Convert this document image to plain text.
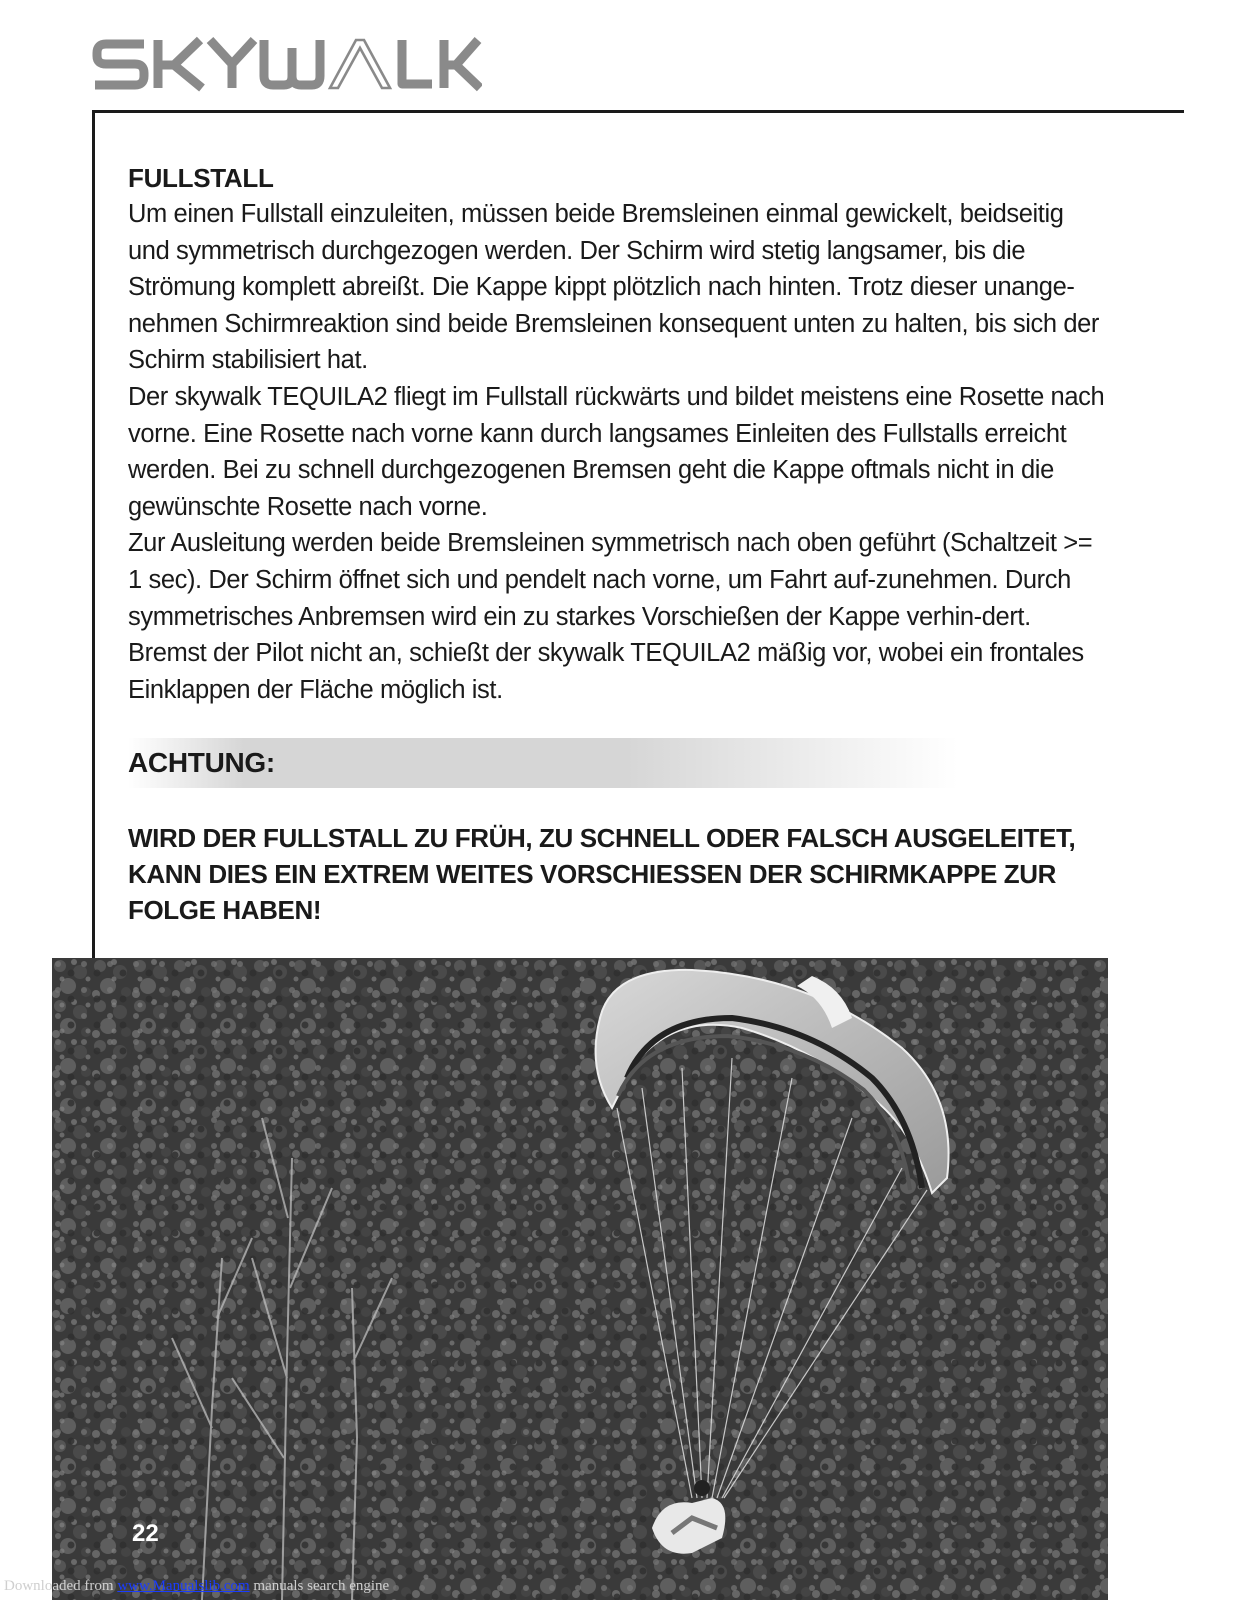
FULLSTALL

Um einen Fullstall einzuleiten, müssen beide Bremsleinen einmal gewickelt, beidseitig und symmetrisch durchgezogen werden. Der Schirm wird stetig langsamer, bis die Strömung komplett abreißt. Die Kappe kippt plötzlich nach hinten. Trotz dieser unange-nehmen Schirmreaktion sind beide Bremsleinen konsequent unten zu halten, bis sich der Schirm stabilisiert hat.

Der skywalk TEQUILA2 fliegt im Fullstall rückwärts und bildet meistens eine Rosette nach vorne. Eine Rosette nach vorne kann durch langsames Einleiten des Fullstalls erreicht werden. Bei zu schnell durchgezogenen Bremsen geht die Kappe oftmals nicht in die gewünschte Rosette nach vorne.

Zur Ausleitung werden beide Bremsleinen symmetrisch nach oben geführt (Schaltzeit >= 1 sec). Der Schirm öffnet sich und pendelt nach vorne, um Fahrt auf-zunehmen. Durch symmetrisches Anbremsen wird ein zu starkes Vorschießen der Kappe verhin-dert. Bremst der Pilot nicht an, schießt der skywalk TEQUILA2 mäßig vor, wobei ein frontales Einklappen der Fläche möglich ist.

ACHTUNG:

WIRD DER FULLSTALL ZU FRÜH, ZU SCHNELL ODER FALSCH AUSGELEITET, KANN DIES EIN EXTREM WEITES VORSCHIESSEN DER SCHIRMKAPPE ZUR FOLGE HABEN!

22

Downloaded from www.Manualslib.com manuals search engine
